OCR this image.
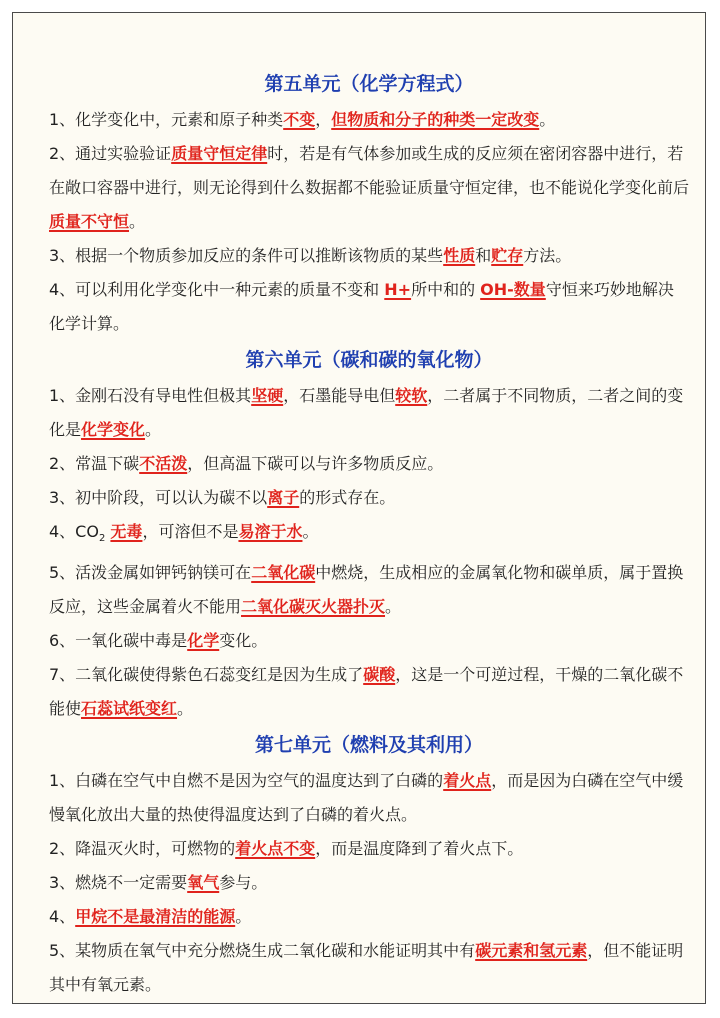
第五单元（化学方程式）

1、化学变化中，元素和原子种类不变，但物质和分子的种类一定改变。

2、通过实验验证质量守恒定律时，若是有气体参加或生成的反应须在密闭容器中进行，若在敞口容器中进行，则无论得到什么数据都不能验证质量守恒定律，也不能说化学变化前后质量不守恒。

3、根据一个物质参加反应的条件可以推断该物质的某些性质和贮存方法。

4、可以利用化学变化中一种元素的质量不变和 H+所中和的 OH-数量守恒来巧妙地解决化学计算。

第六单元（碳和碳的氧化物）

1、金刚石没有导电性但极其坚硬，石墨能导电但较软，二者属于不同物质，二者之间的变化是化学变化。

2、常温下碳不活泼，但高温下碳可以与许多物质反应。

3、初中阶段，可以认为碳不以离子的形式存在。

4、$CO_2$ 无毒，可溶但不是易溶于水。

5、活泼金属如钾钙钠镁可在二氧化碳中燃烧，生成相应的金属氧化物和碳单质，属于置换反应，这些金属着火不能用二氧化碳灭火器扑灭。

6、一氧化碳中毒是化学变化。

7、二氧化碳使得紫色石蕊变红是因为生成了碳酸，这是一个可逆过程，干燥的二氧化碳不能使石蕊试纸变红。

第七单元（燃料及其利用）

1、白磷在空气中自燃不是因为空气的温度达到了白磷的着火点，而是因为白磷在空气中缓慢氧化放出大量的热使得温度达到了白磷的着火点。

2、降温灭火时，可燃物的着火点不变，而是温度降到了着火点下。

3、燃烧不一定需要氧气参与。

4、甲烷不是最清洁的能源。

5、某物质在氧气中充分燃烧生成二氧化碳和水能证明其中有碳元素和氢元素，但不能证明其中有氧元素。
